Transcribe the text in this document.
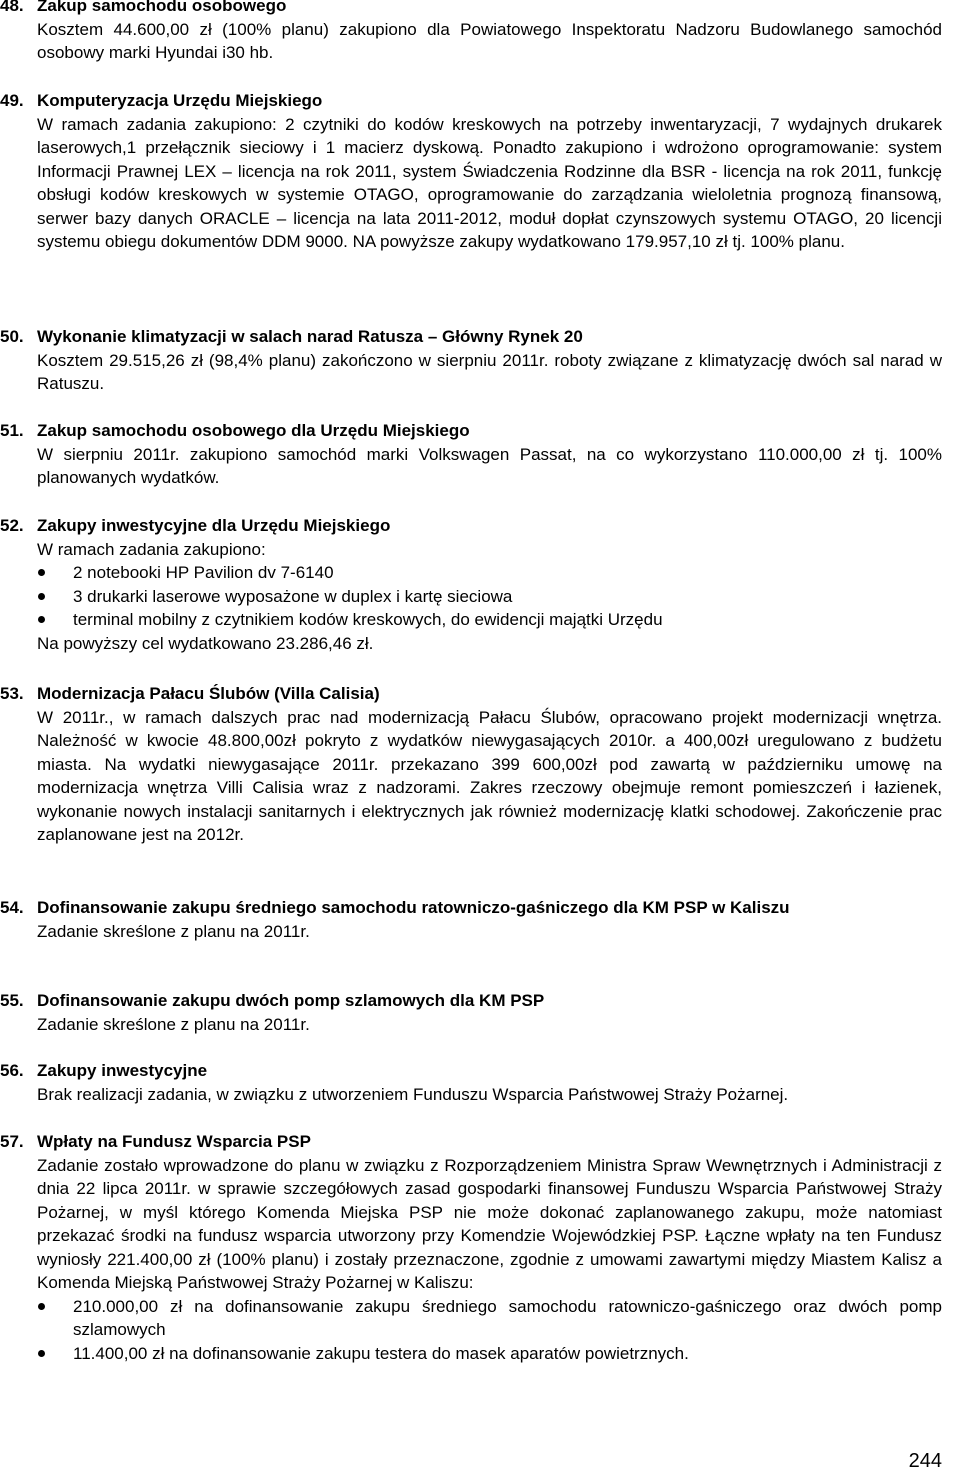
48. Zakup samochodu osobowego

Kosztem 44.600,00 zł (100% planu) zakupiono dla Powiatowego Inspektoratu Nadzoru Budowlanego samochód osobowy marki Hyundai i30 hb.

49. Komputeryzacja Urzędu Miejskiego

W ramach zadania zakupiono: 2 czytniki do kodów kreskowych na potrzeby inwentaryzacji, 7 wydajnych drukarek laserowych,1 przełącznik sieciowy i 1 macierz dyskową. Ponadto zakupiono i wdrożono oprogramowanie: system Informacji Prawnej LEX – licencja na rok 2011, system Świadczenia Rodzinne dla BSR - licencja na rok 2011, funkcję obsługi kodów kreskowych w systemie OTAGO, oprogramowanie do zarządzania wieloletnia prognozą finansową, serwer bazy danych ORACLE – licencja na lata 2011-2012, moduł dopłat czynszowych systemu OTAGO, 20 licencji systemu obiegu dokumentów DDM 9000. NA powyższe zakupy wydatkowano 179.957,10 zł tj. 100% planu.

50. Wykonanie klimatyzacji w salach narad Ratusza – Główny Rynek 20

Kosztem 29.515,26 zł (98,4% planu) zakończono w sierpniu 2011r. roboty związane z klimatyzację dwóch sal narad w Ratuszu.

51. Zakup samochodu osobowego dla Urzędu Miejskiego

W sierpniu 2011r. zakupiono samochód marki Volkswagen Passat, na co wykorzystano 110.000,00 zł tj. 100% planowanych wydatków.

52. Zakupy inwestycyjne dla Urzędu Miejskiego

W ramach zadania zakupiono:

2 notebooki HP Pavilion dv 7-6140
3 drukarki laserowe wyposażone w duplex i kartę sieciowa
terminal mobilny z czytnikiem kodów kreskowych, do ewidencji majątki Urzędu

Na powyższy cel wydatkowano 23.286,46 zł.

53. Modernizacja Pałacu Ślubów (Villa Calisia)

W 2011r., w ramach dalszych prac nad modernizacją Pałacu Ślubów, opracowano projekt modernizacji wnętrza. Należność w kwocie 48.800,00zł pokryto z wydatków niewygasających 2010r. a 400,00zł uregulowano z budżetu miasta. Na wydatki niewygasające 2011r. przekazano 399 600,00zł pod zawartą w październiku umowę na modernizacja wnętrza Villi Calisia wraz z nadzorami. Zakres rzeczowy obejmuje remont pomieszczeń i łazienek, wykonanie nowych instalacji sanitarnych i elektrycznych jak również modernizację klatki schodowej. Zakończenie prac zaplanowane jest na 2012r.

54. Dofinansowanie zakupu średniego samochodu ratowniczo-gaśniczego dla KM PSP w Kaliszu

Zadanie skreślone z planu na 2011r.

55. Dofinansowanie zakupu dwóch pomp szlamowych dla KM PSP

Zadanie skreślone z planu na 2011r.

56. Zakupy inwestycyjne

Brak realizacji zadania, w związku z utworzeniem Funduszu Wsparcia Państwowej Straży Pożarnej.

57. Wpłaty na Fundusz Wsparcia PSP

Zadanie zostało wprowadzone do planu w związku z Rozporządzeniem Ministra Spraw Wewnętrznych i Administracji z dnia 22 lipca 2011r. w sprawie szczegółowych zasad gospodarki finansowej Funduszu Wsparcia Państwowej Straży Pożarnej, w myśl którego Komenda Miejska PSP nie może dokonać zaplanowanego zakupu, może natomiast przekazać środki na fundusz wsparcia utworzony przy Komendzie Wojewódzkiej PSP. Łączne wpłaty na ten Fundusz wyniosły 221.400,00 zł (100% planu) i zostały przeznaczone, zgodnie z umowami zawartymi między Miastem Kalisz a Komenda Miejską Państwowej Straży Pożarnej w Kaliszu:

210.000,00 zł na dofinansowanie zakupu średniego samochodu ratowniczo-gaśniczego oraz dwóch pomp szlamowych
11.400,00 zł na dofinansowanie zakupu testera do masek aparatów powietrznych.
244
